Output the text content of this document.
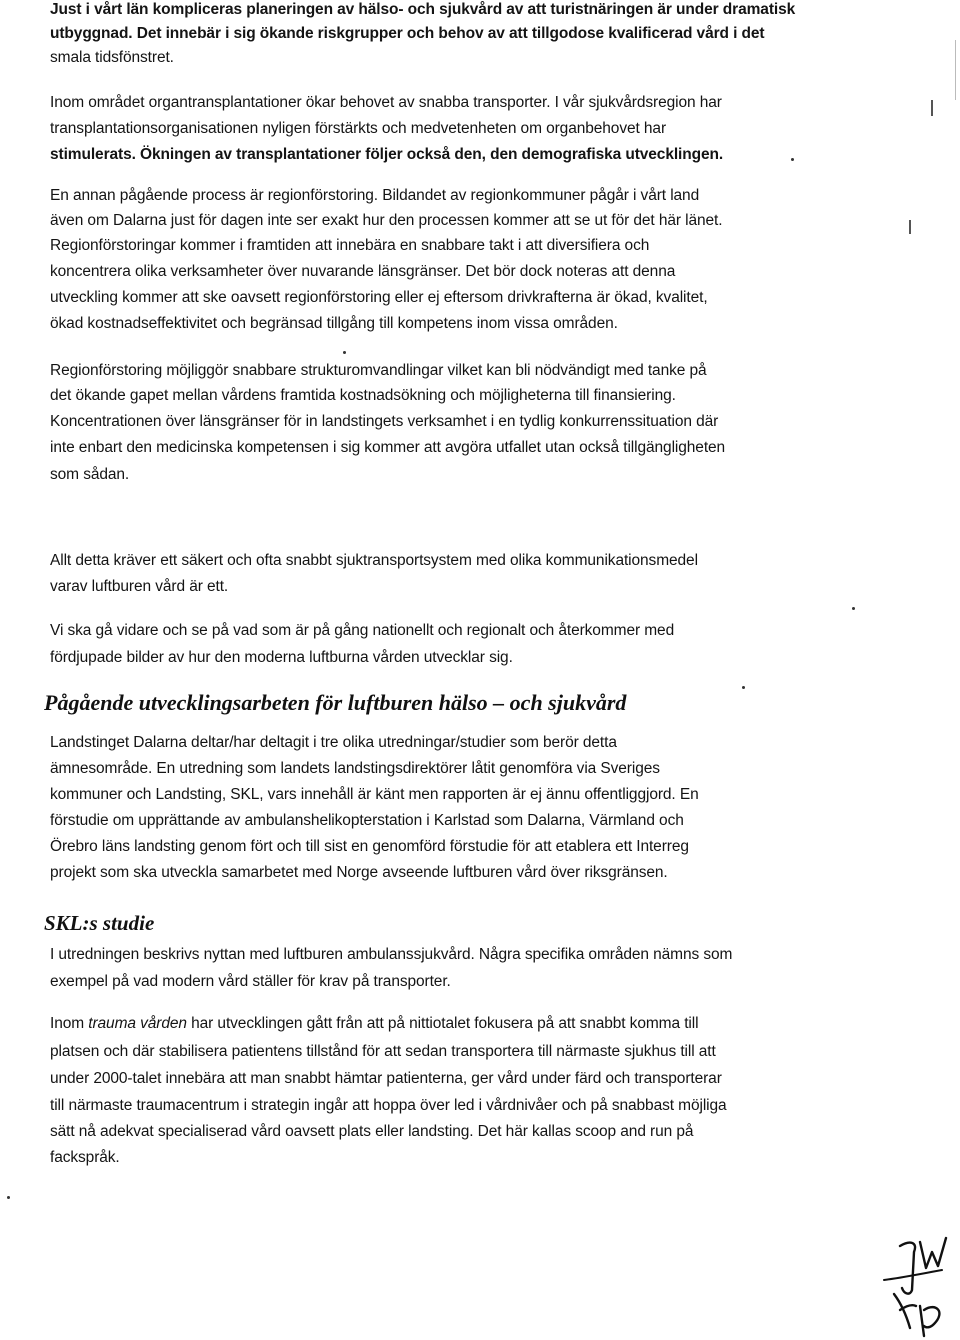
Just i vårt län kompliceras planeringen av hälso- och sjukvård av att turistnäringen är under dramatisk
utbyggnad. Det innebär i sig ökande riskgrupper och behov av att tillgodose kvalificerad vård i det
smala tidsfönstret.
Inom området organtransplantationer ökar behovet av snabba transporter. I vår sjukvårdsregion har
transplantationsorganisationen nyligen förstärkts och medvetenheten om organbehovet har
stimulerats. Ökningen av transplantationer följer också den, den demografiska utvecklingen.
En annan pågående process är regionförstoring. Bildandet av regionkommuner pågår i vårt land
även om Dalarna just för dagen inte ser exakt hur den processen kommer att se ut för det här länet.
Regionförstoringar kommer i framtiden att innebära en snabbare takt i att diversifiera och
koncentrera olika verksamheter över nuvarande länsgränser. Det bör dock noteras att denna
utveckling kommer att ske oavsett regionförstoring eller ej eftersom drivkrafterna är ökad, kvalitet,
ökad kostnadseffektivitet och begränsad tillgång till kompetens inom vissa områden.
Regionförstoring möjliggör snabbare strukturomvandlingar vilket kan bli nödvändigt med tanke på
det ökande gapet mellan vårdens framtida kostnadsökning och möjligheterna till finansiering.
Koncentrationen över länsgränser för in landstingets verksamhet i en tydlig konkurrenssituation där
inte enbart den medicinska kompetensen i sig kommer att avgöra utfallet utan också tillgängligheten
som sådan.
Allt detta kräver ett säkert och ofta snabbt sjuktransportsystem med olika kommunikationsmedel
varav luftburen vård är ett.
Vi ska gå vidare och se på vad som är på gång nationellt och regionalt och återkommer med
fördjupade bilder av hur den moderna luftburna vården utvecklar sig.
Pågående utvecklingsarbeten för luftburen hälso – och sjukvård
Landstinget Dalarna deltar/har deltagit i tre olika utredningar/studier som berör detta
ämnesområde. En utredning som landets landstingsdirektörer låtit genomföra via Sveriges
kommuner och Landsting, SKL, vars innehåll är känt men rapporten är ej ännu offentliggjord. En
förstudie om upprättande av ambulanshelikopterstation i Karlstad som Dalarna, Värmland och
Örebro läns landsting genom fört och till sist en genomförd förstudie för att etablera ett Interreg
projekt som ska utveckla samarbetet med Norge avseende luftburen vård över riksgränsen.
SKL:s studie
I utredningen beskrivs nyttan med luftburen ambulanssjukvård. Några specifika områden nämns som
exempel på vad modern vård ställer för krav på transporter.
Inom trauma vården har utvecklingen gått från att på nittiotalet fokusera på att snabbt komma till
platsen och där stabilisera patientens tillstånd för att sedan transportera till närmaste sjukhus till att
under 2000-talet innebära att man snabbt hämtar patienterna, ger vård under färd och transporterar
till närmaste traumacentrum i strategin ingår att hoppa över led i vårdnivåer och på snabbast möjliga
sätt nå adekvat specialiserad vård oavsett plats eller landsting. Det här kallas scoop and run på
fackspråk.
